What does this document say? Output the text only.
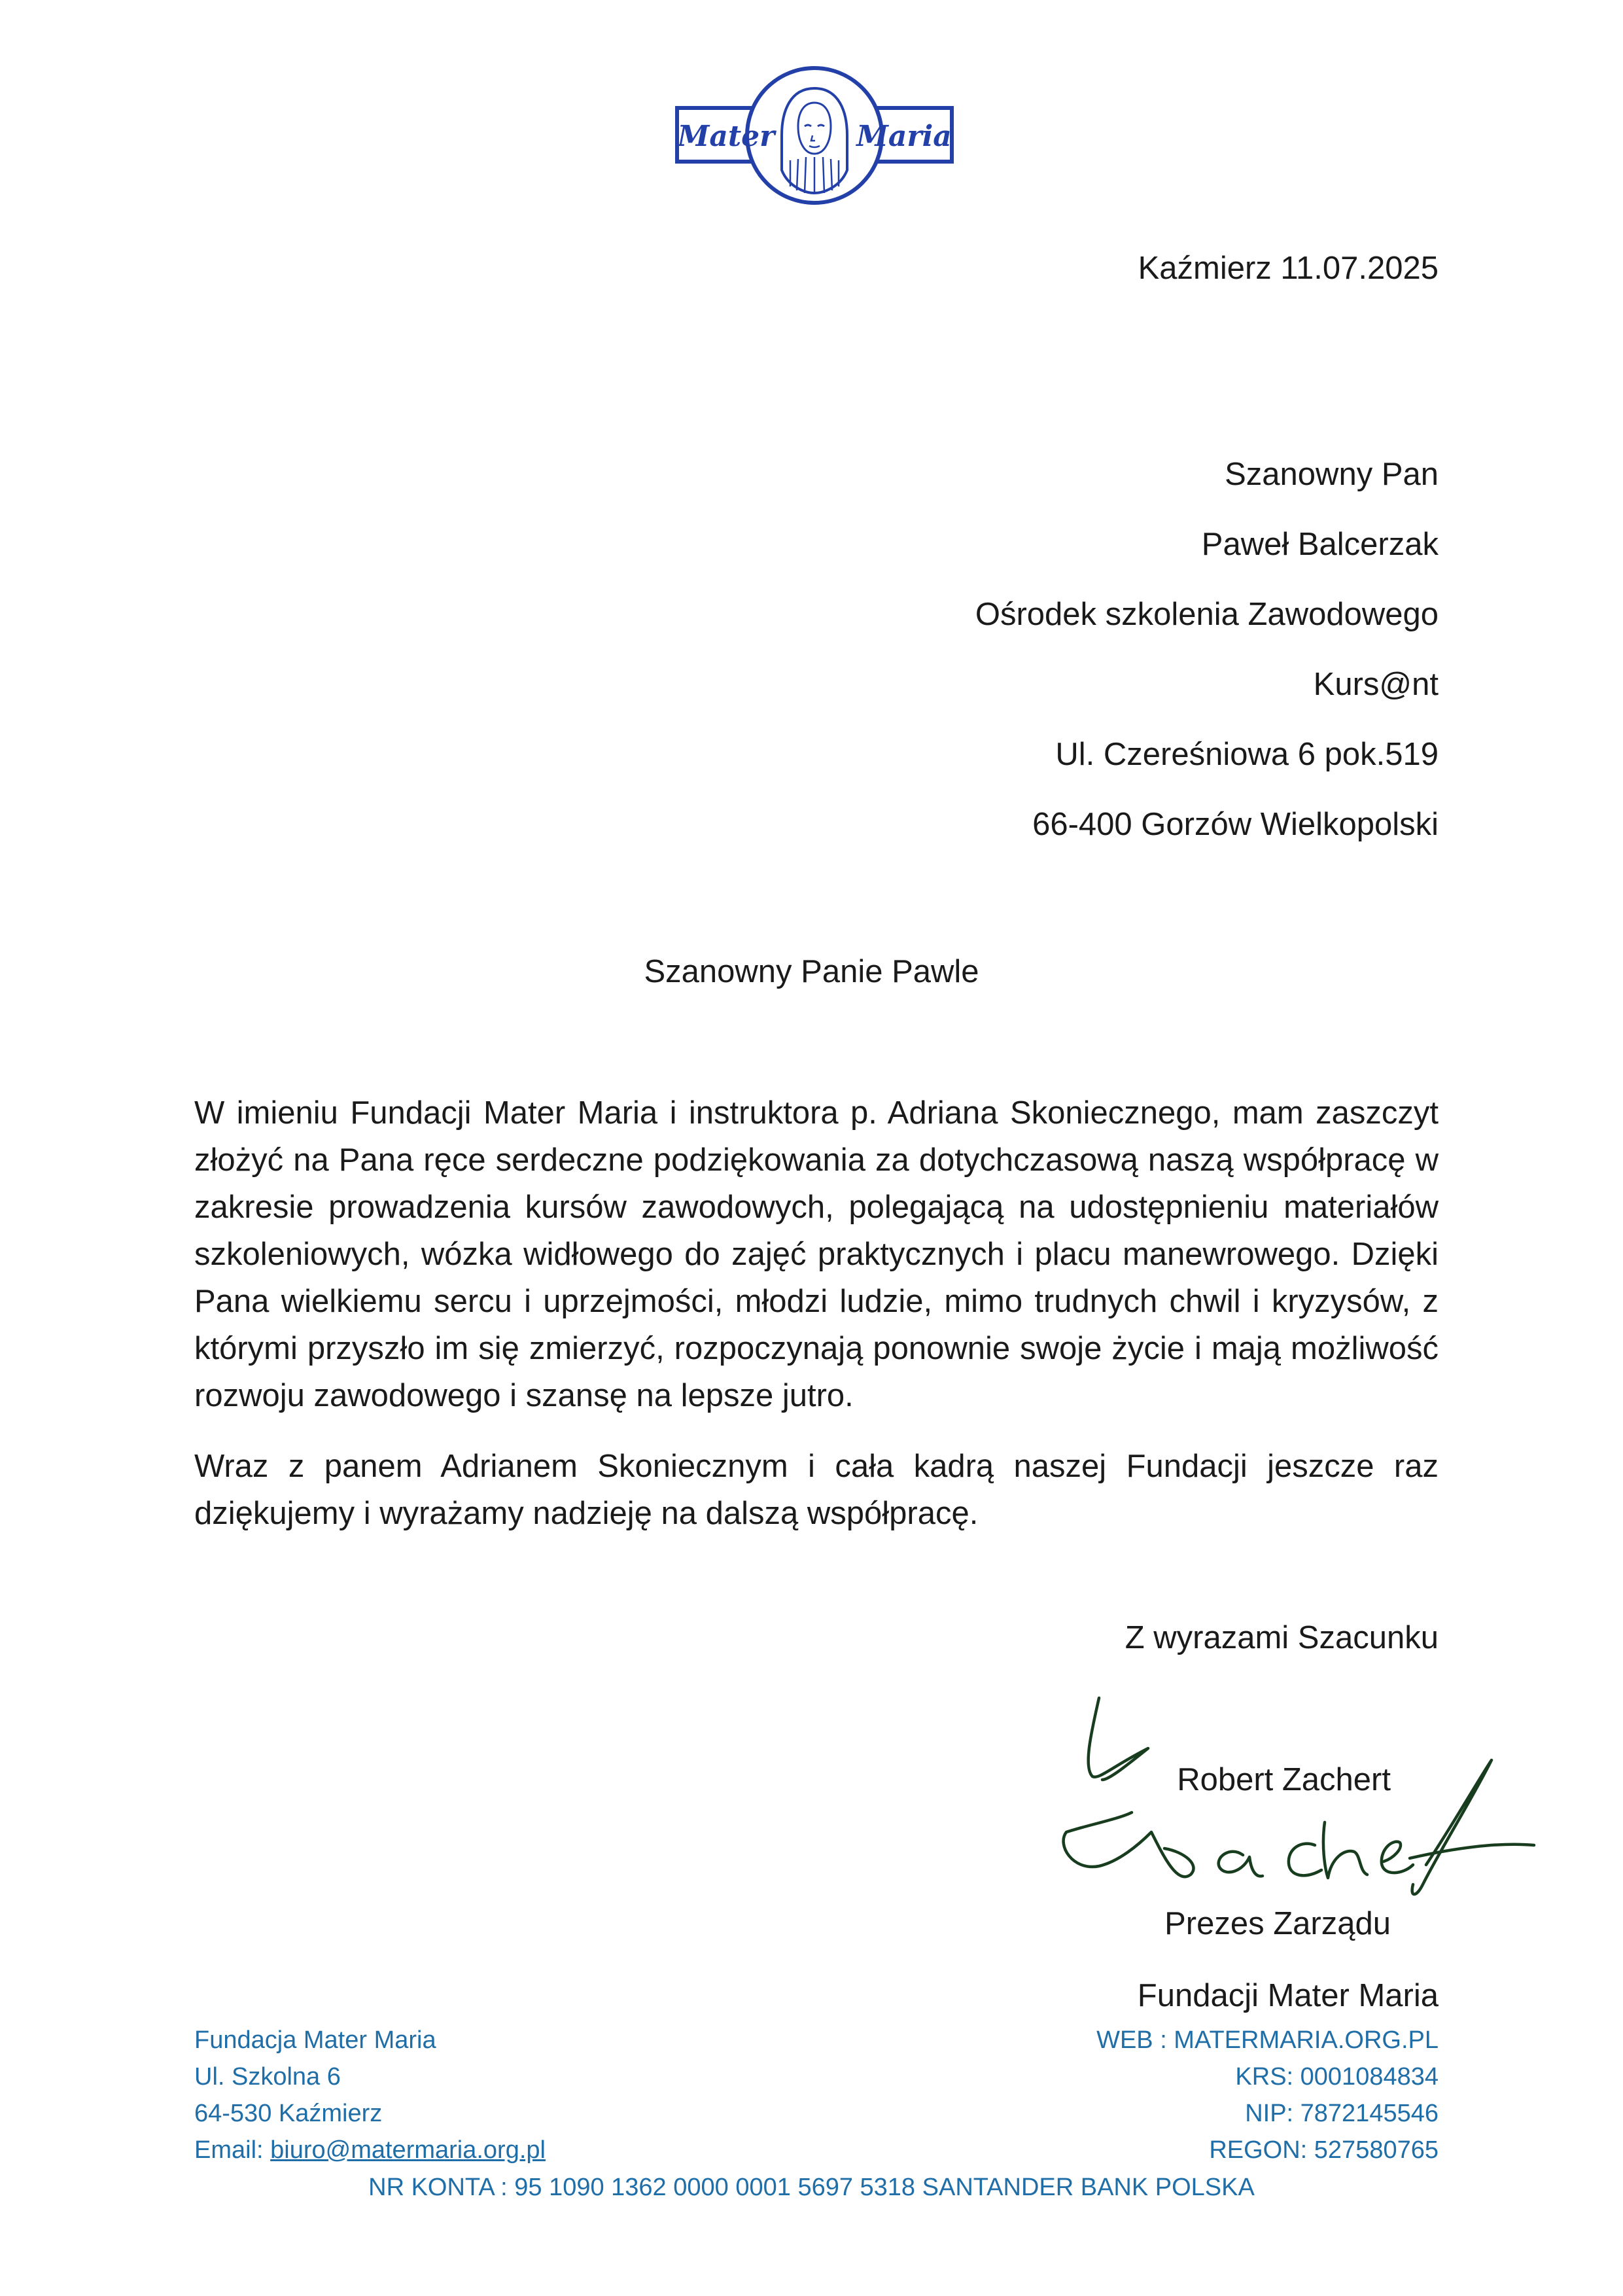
Mater	Maria
Kaźmierz 11.07.2025
Szanowny Pan
Paweł Balcerzak
Ośrodek szkolenia Zawodowego
Kurs@nt
Ul. Czereśniowa 6 pok.519
66-400 Gorzów Wielkopolski
Szanowny Panie Pawle

W imieniu Fundacji Mater Maria i instruktora p. Adriana Skoniecznego, mam zaszczyt złożyć na Pana ręce serdeczne podziękowania za dotychczasową naszą współpracę w zakresie prowadzenia kursów zawodowych, polegającą na udostępnieniu materiałów szkoleniowych, wózka widłowego do zajęć praktycznych i placu manewrowego. Dzięki Pana wielkiemu sercu i uprzejmości, młodzi ludzie, mimo trudnych chwil i kryzysów, z którymi przyszło im się zmierzyć, rozpoczynają ponownie swoje życie i mają możliwość rozwoju zawodowego i szansę na lepsze jutro.

Wraz z panem Adrianem Skoniecznym i cała kadrą naszej Fundacji jeszcze raz dziękujemy i wyrażamy nadzieję na dalszą współpracę.

Z wyrazami Szacunku
Robert Zachert
Prezes Zarządu
Fundacji Mater Maria
Fundacja Mater Maria
Ul. Szkolna 6
64-530 Kaźmierz
Email: biuro@matermaria.org.pl
WEB : MATERMARIA.ORG.PL
KRS: 0001084834
NIP: 7872145546
REGON: 527580765
NR KONTA : 95 1090 1362 0000 0001 5697 5318 SANTANDER BANK POLSKA
